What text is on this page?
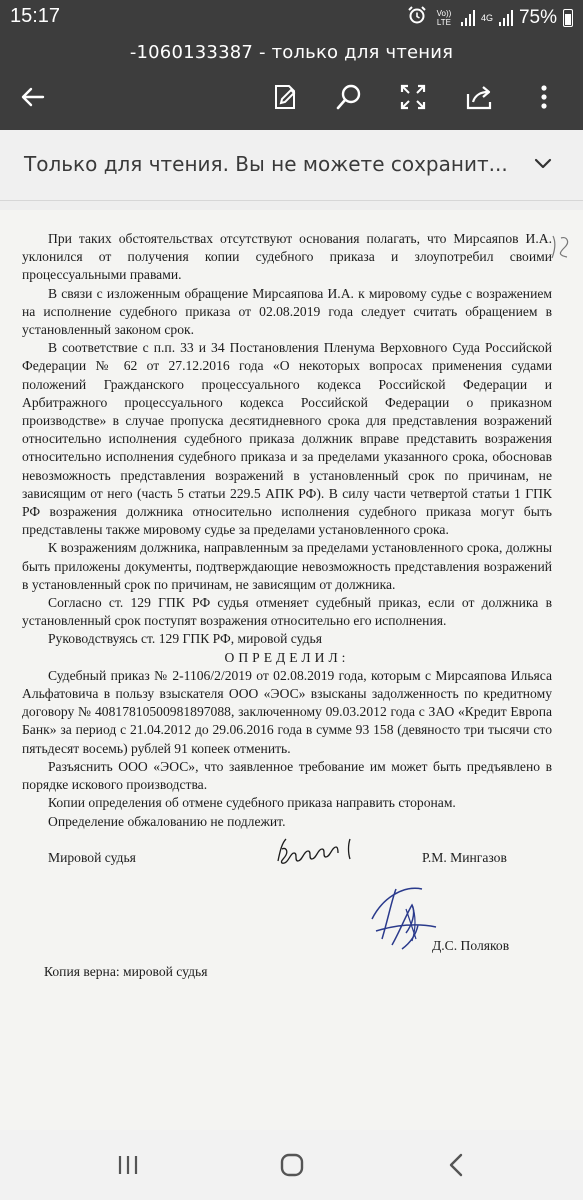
15:17	Vo)) LTE	4G 75%
-1060133387 - только для чтения
Только для чтения. Вы не можете сохранит...

При таких обстоятельствах отсутствуют основания полагать, что Мирсаяпов И.А. уклонился от получения копии судебного приказа и злоупотребил своими процессуальными правами.

В связи с изложенным обращение Мирсаяпова И.А. к мировому судье с возражением на исполнение судебного приказа от 02.08.2019 года следует считать обращением в установленный законом срок.

В соответствие с п.п. 33 и 34 Постановления Пленума Верховного Суда Российской Федерации № 62 от 27.12.2016 года «О некоторых вопросах применения судами положений Гражданского процессуального кодекса Российской Федерации и Арбитражного процессуального кодекса Российской Федерации о приказном производстве» в случае пропуска десятидневного срока для представления возражений относительно исполнения судебного приказа должник вправе представить возражения относительно исполнения судебного приказа и за пределами указанного срока, обосновав невозможность представления возражений в установленный срок по причинам, не зависящим от него (часть 5 статьи 229.5 АПК РФ). В силу части четвертой статьи 1 ГПК РФ возражения должника относительно исполнения судебного приказа могут быть представлены также мировому судье за пределами установленного срока.

К возражениям должника, направленным за пределами установленного срока, должны быть приложены документы, подтверждающие невозможность представления возражений в установленный срок по причинам, не зависящим от должника.

Согласно ст. 129 ГПК РФ судья отменяет судебный приказ, если от должника в установленный срок поступят возражения относительно его исполнения.

Руководствуясь ст. 129 ГПК РФ, мировой судья

ОПРЕДЕЛИЛ:

Судебный приказ № 2-1106/2/2019 от 02.08.2019 года, которым с Мирсаяпова Ильяса Альфатовича в пользу взыскателя ООО «ЭОС» взысканы задолженность по кредитному договору № 40817810500981897088, заключенному 09.03.2012 года с ЗАО «Кредит Европа Банк» за период с 21.04.2012 до 29.06.2016 года в сумме 93 158 (девяносто три тысячи сто пятьдесят восемь) рублей 91 копеек отменить.

Разъяснить ООО «ЭОС», что заявленное требование им может быть предъявлено в порядке искового производства.

Копии определения об отмене судебного приказа направить сторонам.

Определение обжалованию не подлежит.

Мировой судья	Р.М. Мингазов
Д.С. Поляков
Копия верна: мировой судья
